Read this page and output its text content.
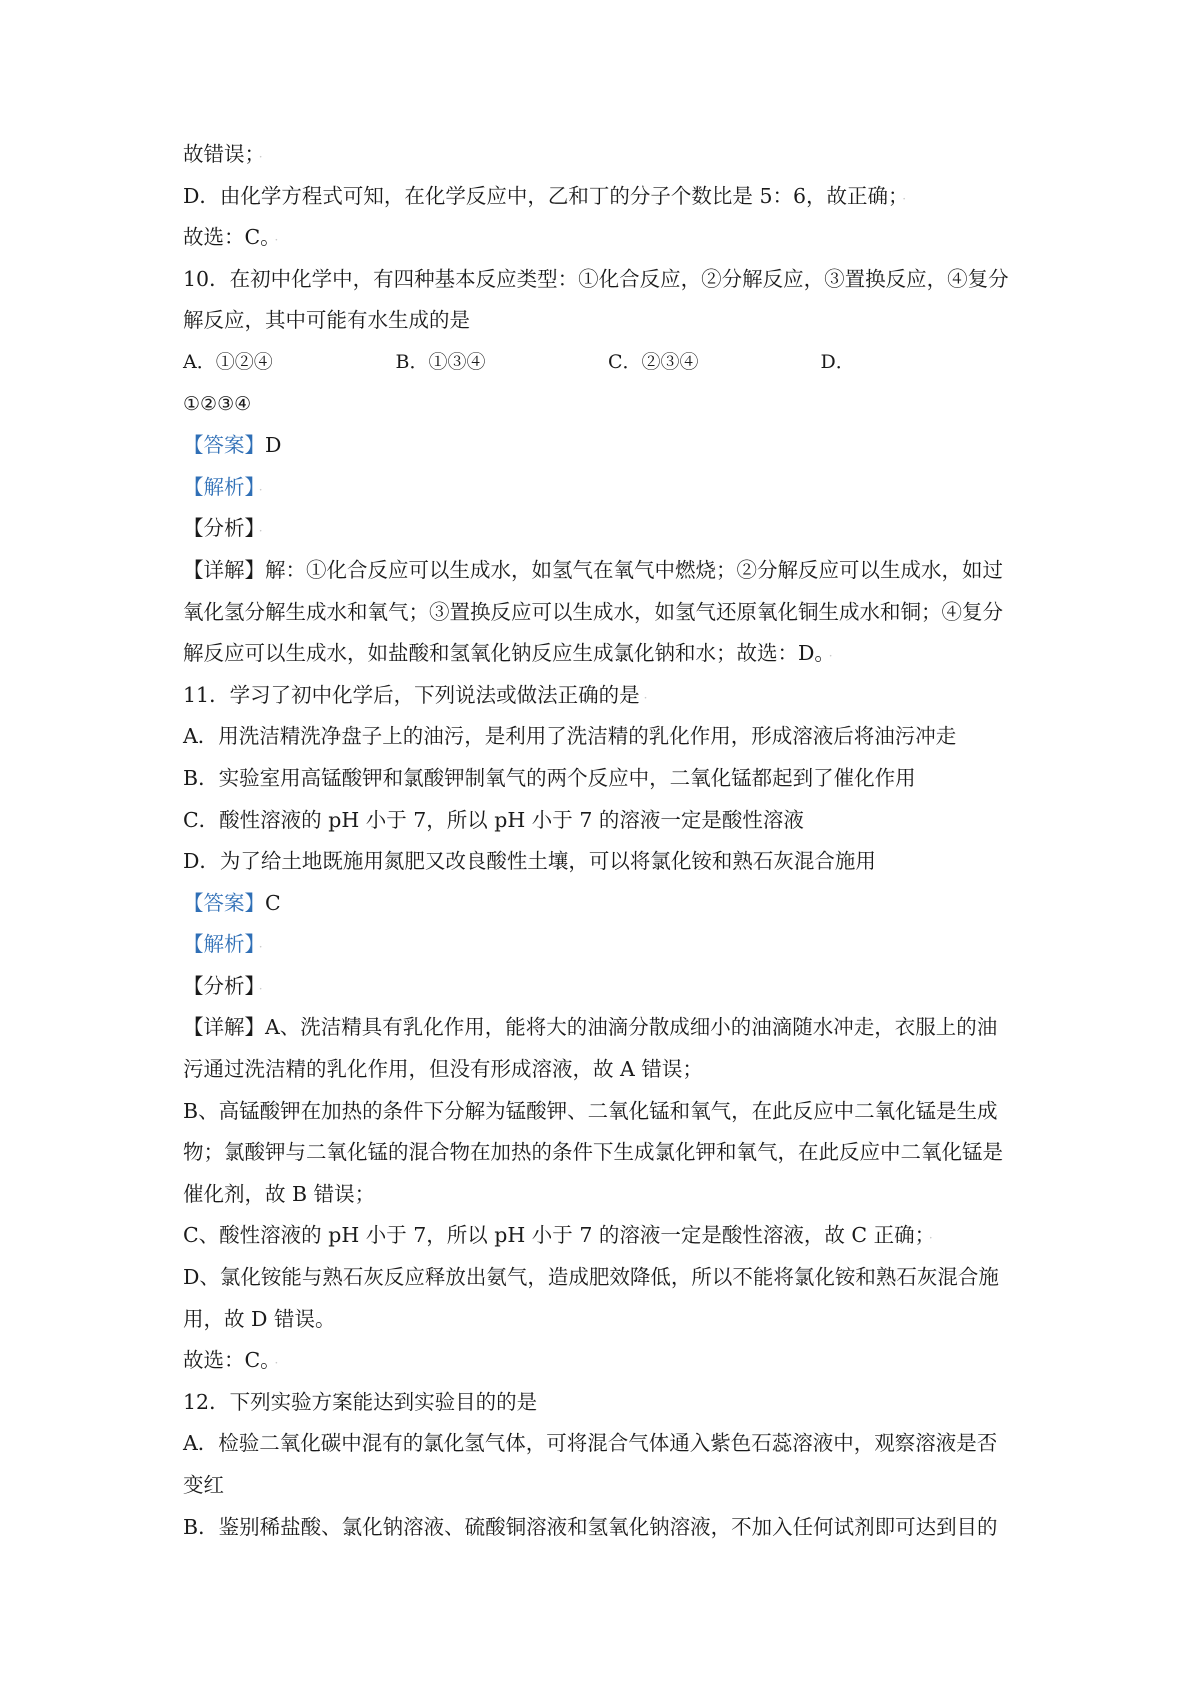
故错误； ·
D．由化学方程式可知，在化学反应中，乙和丁的分子个数比是 5：6，故正确； ·
故选：C。 ·
10．在初中化学中，有四种基本反应类型：①化合反应，②分解反应，③置换反应，④复分
解反应，其中可能有水生成的是
A．①②④	B．①③④	C．②③④	D．
①②③④
【答案】D
【解析】 ·
【分析】 ·
【详解】解：①化合反应可以生成水，如氢气在氧气中燃烧；②分解反应可以生成水，如过
氧化氢分解生成水和氧气；③置换反应可以生成水，如氢气还原氧化铜生成水和铜；④复分
解反应可以生成水，如盐酸和氢氧化钠反应生成氯化钠和水；故选：D。 ·
11．学习了初中化学后，下列说法或做法正确的是 ·
A．用洗洁精洗净盘子上的油污，是利用了洗洁精的乳化作用，形成溶液后将油污冲走
B．实验室用高锰酸钾和氯酸钾制氧气的两个反应中，二氧化锰都起到了催化作用
C．酸性溶液的 pH 小于 7，所以 pH 小于 7 的溶液一定是酸性溶液
D．为了给土地既施用氮肥又改良酸性土壤，可以将氯化铵和熟石灰混合施用
【答案】C
【解析】 ·
【分析】 ·
【详解】A、洗洁精具有乳化作用，能将大的油滴分散成细小的油滴随水冲走，衣服上的油
污通过洗洁精的乳化作用，但没有形成溶液，故 A 错误；
B、高锰酸钾在加热的条件下分解为锰酸钾、二氧化锰和氧气，在此反应中二氧化锰是生成
物；氯酸钾与二氧化锰的混合物在加热的条件下生成氯化钾和氧气，在此反应中二氧化锰是
催化剂，故 B 错误；
C、酸性溶液的 pH 小于 7，所以 pH 小于 7 的溶液一定是酸性溶液，故 C 正确； ·
D、氯化铵能与熟石灰反应释放出氨气，造成肥效降低，所以不能将氯化铵和熟石灰混合施
用，故 D 错误。
故选：C。 ·
12．下列实验方案能达到实验目的的是
A．检验二氧化碳中混有的氯化氢气体，可将混合气体通入紫色石蕊溶液中，观察溶液是否
变红
B．鉴别稀盐酸、氯化钠溶液、硫酸铜溶液和氢氧化钠溶液，不加入任何试剂即可达到目的
